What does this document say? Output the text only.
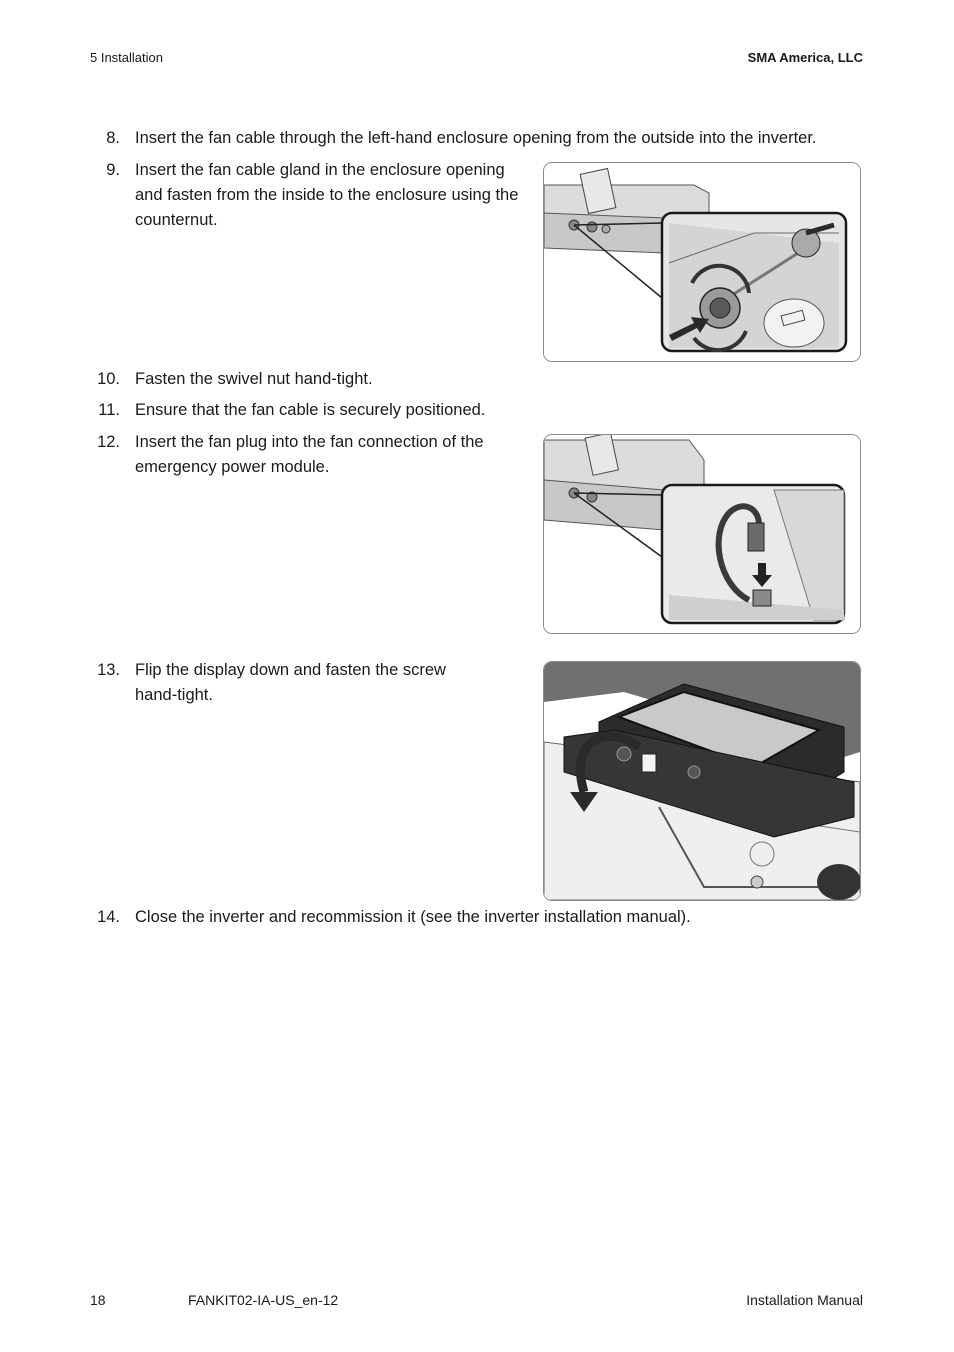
5 Installation	SMA America, LLC
8. Insert the fan cable through the left-hand enclosure opening from the outside into the inverter.
9. Insert the fan cable gland in the enclosure opening and fasten from the inside to the enclosure using the counternut.
10. Fasten the swivel nut hand-tight.
11. Ensure that the fan cable is securely positioned.
12. Insert the fan plug into the fan connection of the emergency power module.
13. Flip the display down and fasten the screw hand-tight.
14. Close the inverter and recommission it (see the inverter installation manual).
18	FANKIT02-IA-US_en-12	Installation Manual
